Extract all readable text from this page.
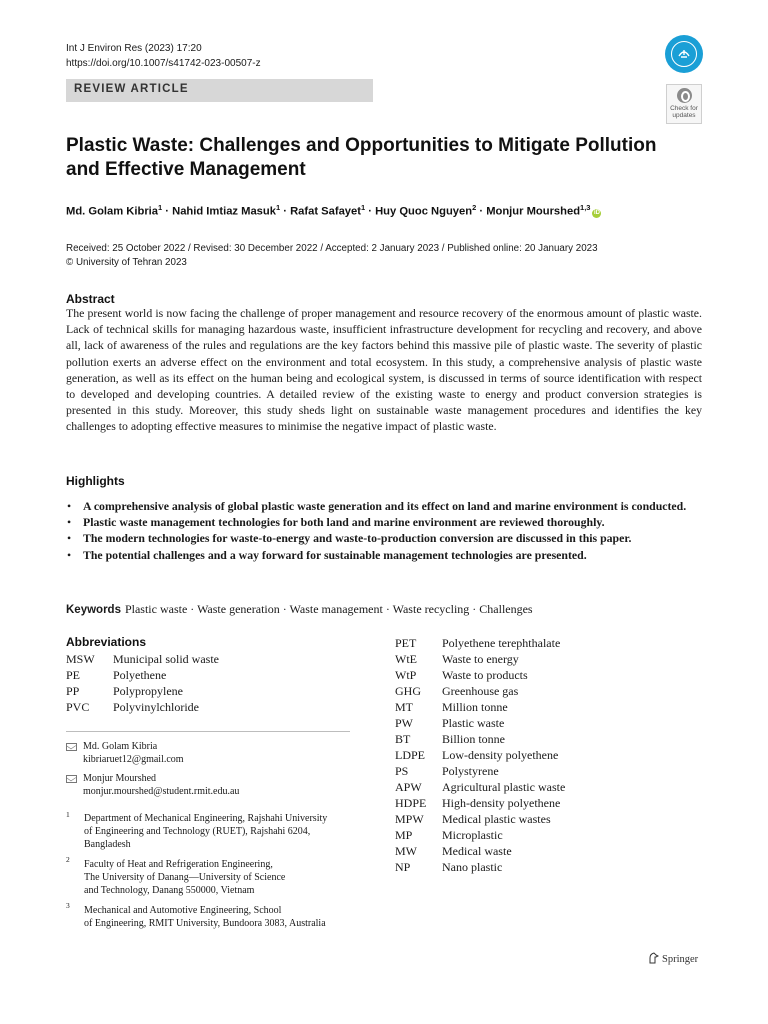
Int J Environ Res (2023) 17:20
https://doi.org/10.1007/s41742-023-00507-z
REVIEW ARTICLE
Check for updates
Plastic Waste: Challenges and Opportunities to Mitigate Pollution and Effective Management
Md. Golam Kibria$^1$ · Nahid Imtiaz Masuk$^1$ · Rafat Safayet$^1$ · Huy Quoc Nguyen$^2$ · Monjur Mourshed$^{1,3}$iD
Received: 25 October 2022 / Revised: 30 December 2022 / Accepted: 2 January 2023 / Published online: 20 January 2023
© University of Tehran 2023
Abstract
The present world is now facing the challenge of proper management and resource recovery of the enormous amount of plastic waste. Lack of technical skills for managing hazardous waste, insufficient infrastructure development for recycling and recovery, and above all, lack of awareness of the rules and regulations are the key factors behind this massive pile of plastic waste. The severity of plastic pollution exerts an adverse effect on the environment and total ecosystem. In this study, a comprehensive analysis of plastic waste generation, as well as its effect on the human being and ecological system, is discussed in terms of source identification with respect to developed and developing countries. A detailed review of the existing waste to energy and product conversion strategies is presented in this study. Moreover, this study sheds light on sustainable waste management procedures and identifies the key challenges to adopting effective measures to minimise the negative impact of plastic waste.
Highlights
• A comprehensive analysis of global plastic waste generation and its effect on land and marine environment is conducted.
• Plastic waste management technologies for both land and marine environment are reviewed thoroughly.
• The modern technologies for waste-to-energy and waste-to-production conversion are discussed in this paper.
• The potential challenges and a way forward for sustainable management technologies are presented.
Keywords Plastic waste · Waste generation · Waste management · Waste recycling · Challenges
Abbreviations
MSW	Municipal solid waste
PE	Polyethene
PP	Polypropylene
PVC	Polyvinylchloride
PET	Polyethene terephthalate
WtE	Waste to energy
WtP	Waste to products
GHG	Greenhouse gas
MT	Million tonne
PW	Plastic waste
BT	Billion tonne
LDPE	Low-density polyethene
PS	Polystyrene
APW	Agricultural plastic waste
HDPE	High-density polyethene
MPW	Medical plastic wastes
MP	Microplastic
MW	Medical waste
NP	Nano plastic
Md. Golam Kibria
kibriaruet12@gmail.com
Monjur Mourshed
monjur.mourshed@student.rmit.edu.au
1 Department of Mechanical Engineering, Rajshahi University
of Engineering and Technology (RUET), Rajshahi 6204,
Bangladesh
2 Faculty of Heat and Refrigeration Engineering,
The University of Danang—University of Science
and Technology, Danang 550000, Vietnam
3 Mechanical and Automotive Engineering, School
of Engineering, RMIT University, Bundoora 3083, Australia
Springer
